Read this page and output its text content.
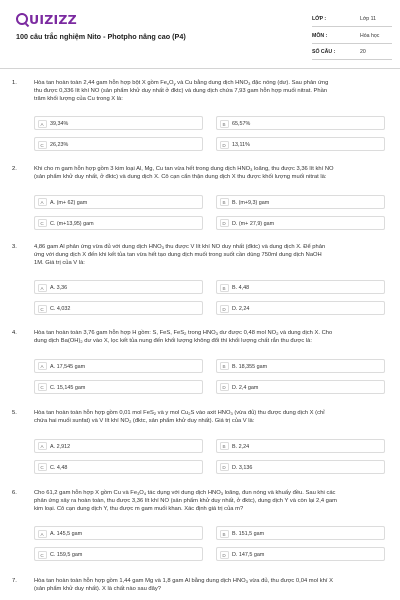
UIZIZZ
100 câu trắc nghiệm Nito - Photpho nâng cao (P4)
LỚP :	Lớp 11
MÔN :	Hóa học
SỐ CÂU :	20
1.	Hòa tan hoàn toàn 2,44 gam hỗn hợp bột X gồm $Fe_xO_y$ và Cu bằng dung dịch $HNO_3$ đặc nóng (dư). Sau phản ứng
thu được 0,336 lít khí NO (sản phẩm khử duy nhất ở đktc) và dung dịch chứa 7,93 gam hỗn hợp muối nitrat. Phần
trăm khối lượng của Cu trong X là:
A	39,34%	B	65,57%
C	26,23%	D	13,11%
2.	Khi cho m gam hỗn hợp gồm 3 kim loại Al, Mg, Cu tan vừa hết trong dung dịch $HNO_3$ loãng, thu được 3,36 lít khí NO
(sản phẩm khử duy nhất, ở đktc) và dung dịch X. Cô cạn cẩn thận dung dịch X thu được khối lượng muối nitrat là:
A	A. (m+ 62) gam	B	B. (m+9,3) gam
C	C. (m+13,95) gam	D	D. (m+ 27,9) gam
3.	4,86 gam Al phản ứng vừa đủ với dung dịch $HNO_3$ thu được V lít khí NO duy nhất (đktc) và dung dịch X. Để phản
ứng với dung dịch X đến khi kết tủa tan vừa hết tạo dung dịch muối trong suốt cần dùng 750ml dung dịch NaOH
1M. Giá trị của V là:
A	A. 3,36	B	B. 4,48
C	C. 4,032	D	D. 2,24
4.	Hòa tan hoàn toàn 3,76 gam hỗn hợp H gồm: S, FeS, FeS$_2$ trong $HNO_3$ dư được 0,48 mol $NO_2$ và dung dịch X. Cho
dung dịch $Ba(OH)_2$ dư vào X, lọc kết tủa nung đến khối lượng không đổi thì khối lượng chất rắn thu được là:
A	A. 17,545 gam	B	B. 18,355 gam
C	C. 15,145 gam	D	D. 2,4 gam
5.	Hòa tan hoàn toàn hỗn hợp gồm 0,01 mol FeS$_2$ và y mol $Cu_2S$ vào axit $HNO_3$ (vừa đủ) thu được dung dịch X (chỉ
chứa hai muối sunfat) và V lít khí $NO_2$ (đktc, sản phẩm khử duy nhất). Giá trị của V là:
A	A. 2,912	B	B. 2,24
C	C. 4,48	D	D. 3,136
6.	Cho 61,2 gam hỗn hợp X gồm Cu và $Fe_3O_4$ tác dụng với dung dịch $HNO_3$ loãng, đun nóng và khuấy đều. Sau khi các
phản ứng xảy ra hoàn toàn, thu được 3,36 lít khí NO (sản phẩm khử duy nhất, ở đktc), dung dịch Y và còn lại 2,4 gam
kim loại. Cô cạn dung dịch Y, thu được m gam muối khan. Xác định giá trị của m?
A	A. 145,5 gam	B	B. 151,5 gam
C	C. 159,5 gam	D	D. 147,5 gam
7.	Hòa tan hoàn toàn hỗn hợp gồm 1,44 gam Mg và 1,8 gam Al bằng dung dịch $HNO_3$ vừa đủ, thu được 0,04 mol khí X
(sản phẩm khử duy nhất). X là chất nào sau đây?
